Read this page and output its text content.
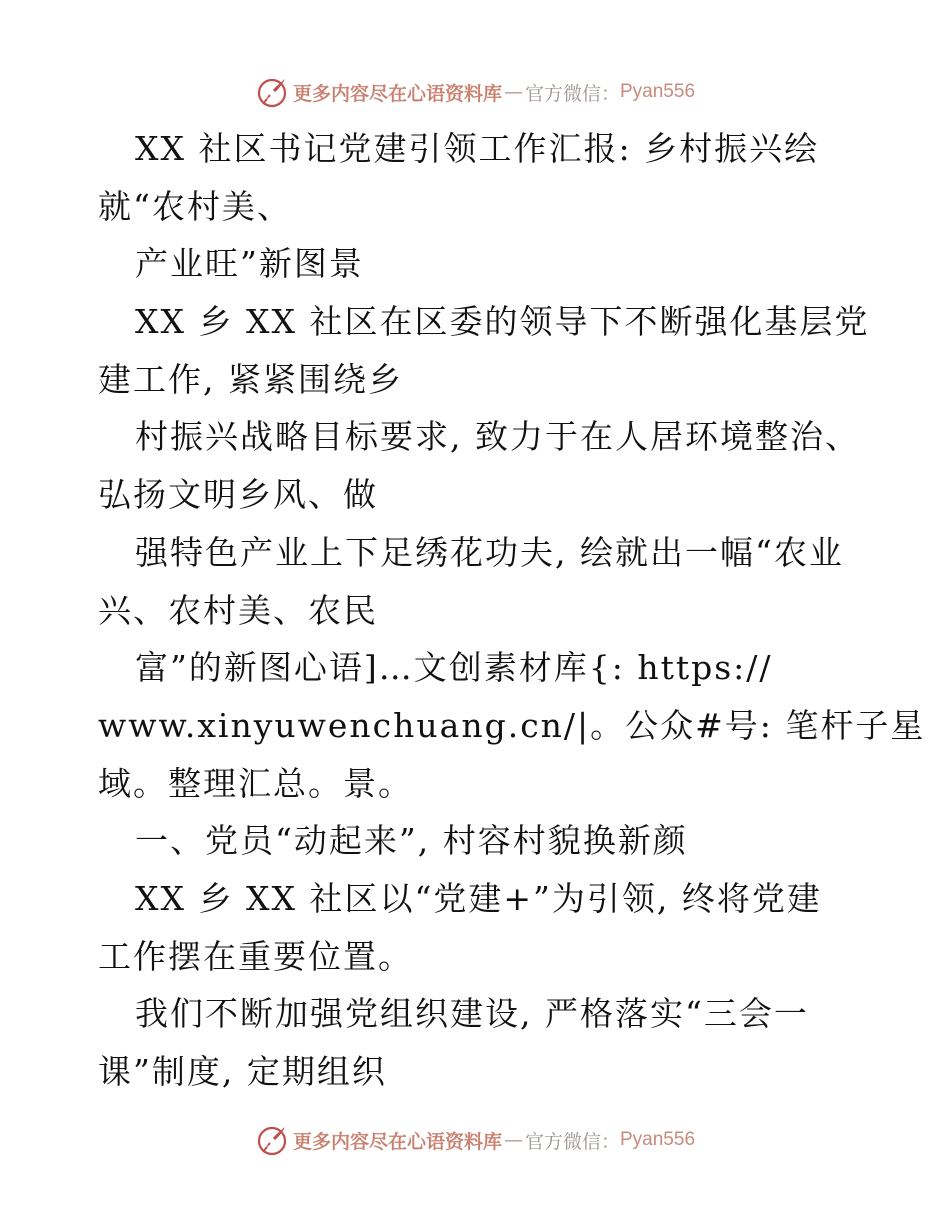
更多内容尽在心语资料库 — 官方微信： Pyan556
XX 社区书记党建引领工作汇报: 乡村振兴绘
就“农村美、
产业旺”新图景
XX 乡 XX 社区在区委的领导下不断强化基层党
建工作, 紧紧围绕乡
村振兴战略目标要求, 致力于在人居环境整治、
弘扬文明乡风、做
强特色产业上下足绣花功夫, 绘就出一幅“农业
兴、农村美、农民
富”的新图心语]…文创素材库{: https://
www.xinyuwenchuang.cn/|。公众#号: 笔杆子星
域。整理汇总。景。
一、党员“动起来”, 村容村貌换新颜
XX 乡 XX 社区以“党建+”为引领, 终将党建
工作摆在重要位置。
我们不断加强党组织建设, 严格落实“三会一
课”制度, 定期组织
更多内容尽在心语资料库 — 官方微信： Pyan556
